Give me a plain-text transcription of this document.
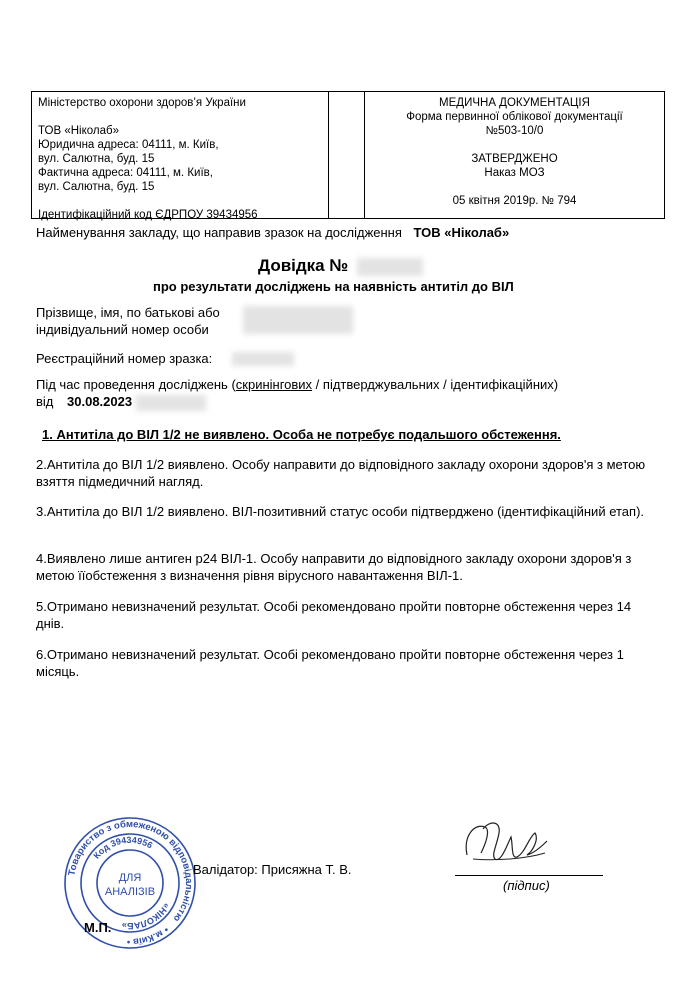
Міністерство охорони здоров’я України
ТОВ «Ніколаб»
Юридична адреса: 04111, м. Київ,
вул. Салютна, буд. 15
Фактична адреса: 04111, м. Київ,
вул. Салютна, буд. 15
Ідентифікаційний код ЄДРПОУ 39434956
МЕДИЧНА ДОКУМЕНТАЦІЯ
Форма первинної облікової документації
№503-10/0
ЗАТВЕРДЖЕНО
Наказ МОЗ
05 квітня 2019р. № 794
Найменування закладу, що направив зразок на дослідження ТОВ «Ніколаб»
Довідка №
про результати досліджень на наявність антитіл до ВІЛ
Прізвище, імя, по батькові або
індивідуальний номер особи
Реєстраційний номер зразка:
Під час проведення досліджень (скринінгових / підтверджувальних / ідентифікаційних)
від 30.08.2023
1. Антитіла до ВІЛ 1/2 не виявлено. Особа не потребує подальшого обстеження.
2.Антитіла до ВІЛ 1/2 виявлено. Особу направити до відповідного закладу охорони здоров'я з метою взяття підмедичний нагляд.
3.Антитіла до ВІЛ 1/2 виявлено. ВІЛ-позитивний статус особи підтверджено (ідентифікаційний етап).
4.Виявлено лише антиген p24 ВІЛ-1. Особу направити до відповідного закладу охорони здоров'я з метою їїобстеження з визначення рівня вірусного навантаження ВІЛ-1.
5.Отримано невизначений результат. Особі рекомендовано пройти повторне обстеження через 14 днів.
6.Отримано невизначений результат. Особі рекомендовано пройти повторне обстеження через 1 місяць.
Товариство з обмеженою відповідальністю
• м.Київ •
Код 39434956
«НІКОЛАБ»
ДЛЯ
АНАЛІЗІВ
Валідатор: Присяжна Т. В.
(підпис)
М.П.
